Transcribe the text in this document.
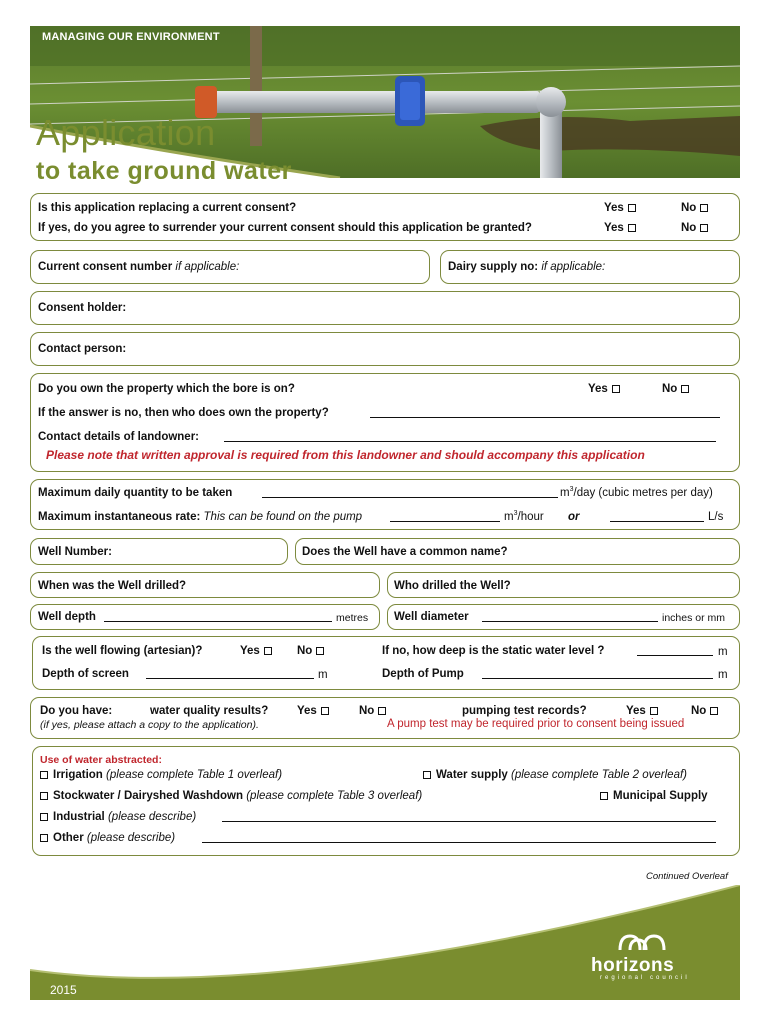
MANAGING OUR ENVIRONMENT
Application
to take ground water
Is this application replacing a current consent?	Yes	No
If yes, do you agree to surrender your current consent should this application be granted?	Yes	No
Current consent number if applicable:	Dairy supply no: if applicable:
Consent holder:
Contact person:
Do you own the property which the bore is on?	Yes	No
If the answer is no, then who does own the property?
Contact details of landowner:
Please note that written approval is required from this landowner and should accompany this application
Maximum daily quantity to be taken	$m^3$/day (cubic metres per day)
Maximum instantaneous rate: This can be found on the pump	$m^3$/hour or	L/s
Well Number:	Does the Well have a common name?
When was the Well drilled?	Who drilled the Well?
Well depth	metres Well diameter	inches or mm
Is the well flowing (artesian)?	Yes	No	If no, how deep is the static water level ?	m
Depth of screen	m	Depth of Pump	m
Do you have:	water quality results?	Yes	No	pumping test records?	Yes	No
(if yes, please attach a copy to the application).	A pump test may be required prior to consent being issued
Use of water abstracted:
Irrigation (please complete Table 1 overleaf)	Water supply (please complete Table 2 overleaf)
Stockwater / Dairyshed Washdown (please complete Table 3 overleaf)	Municipal Supply
Industrial (please describe)
Other (please describe)
Continued Overleaf
2015
horizons
regional council
